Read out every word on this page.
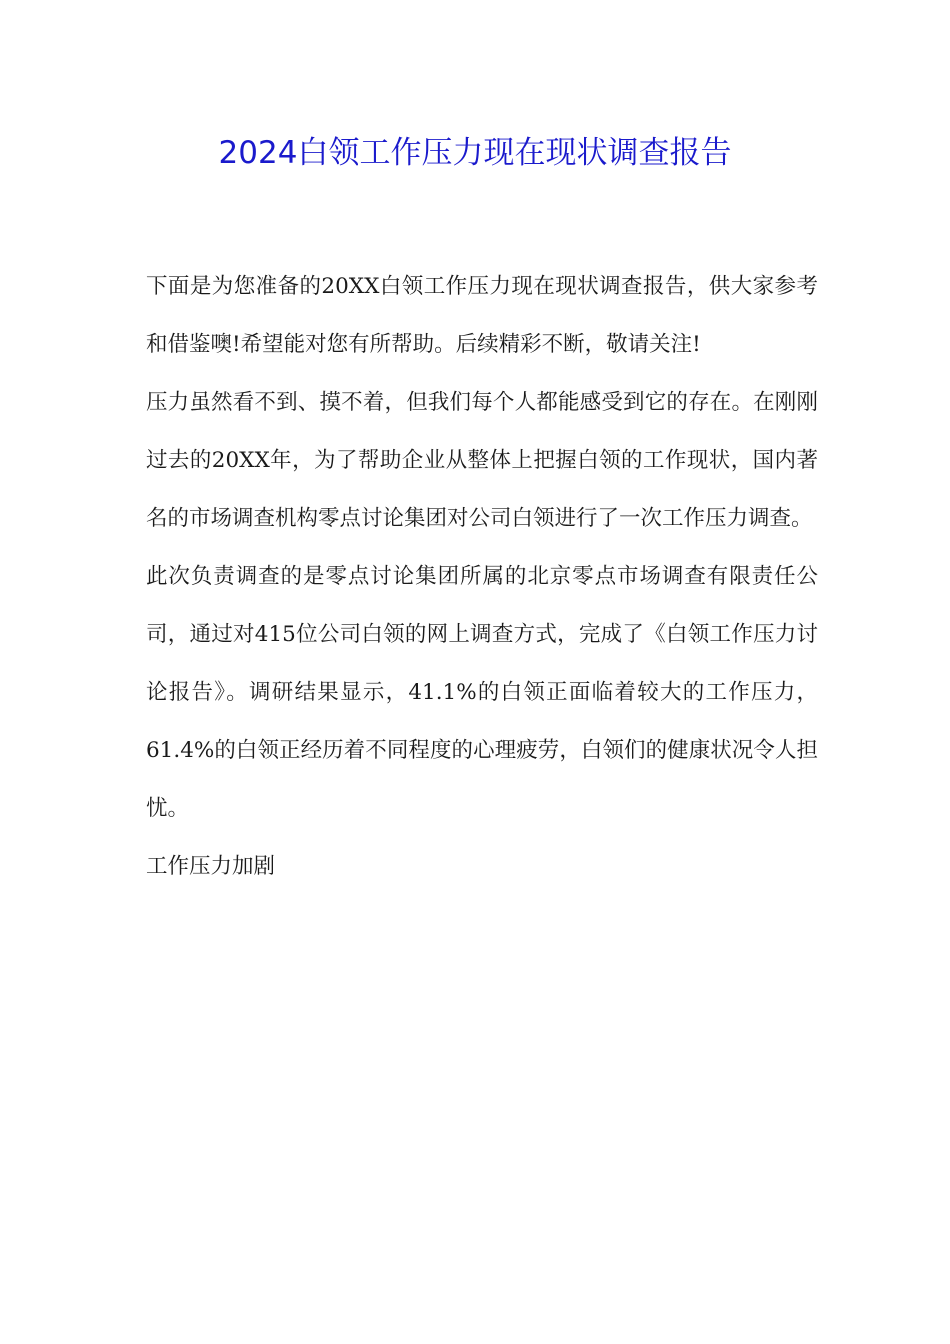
2024白领工作压力现在现状调查报告

下面是为您准备的20XX白领工作压力现在现状调查报告，供大家参考和借鉴噢!希望能对您有所帮助。后续精彩不断，敬请关注!

压力虽然看不到、摸不着，但我们每个人都能感受到它的存在。在刚刚过去的20XX年，为了帮助企业从整体上把握白领的工作现状，国内著名的市场调查机构零点讨论集团对公司白领进行了一次工作压力调查。

此次负责调查的是零点讨论集团所属的北京零点市场调查有限责任公司，通过对415位公司白领的网上调查方式，完成了《白领工作压力讨论报告》。调研结果显示，41.1%的白领正面临着较大的工作压力，61.4%的白领正经历着不同程度的心理疲劳，白领们的健康状况令人担忧。

工作压力加剧
